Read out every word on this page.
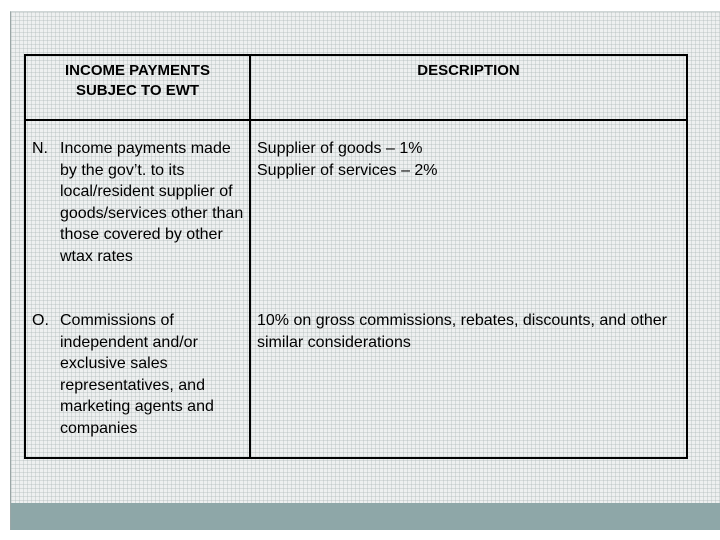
INCOME PAYMENTS
SUBJEC TO EWT
DESCRIPTION
N. Income payments made by the gov’t. to its local/resident supplier of goods/services other than those covered by other wtax rates
Supplier of goods – 1%
Supplier of services – 2%
O. Commissions of independent and/or exclusive sales representatives, and marketing agents and companies
10% on gross commissions, rebates, discounts, and other similar considerations
